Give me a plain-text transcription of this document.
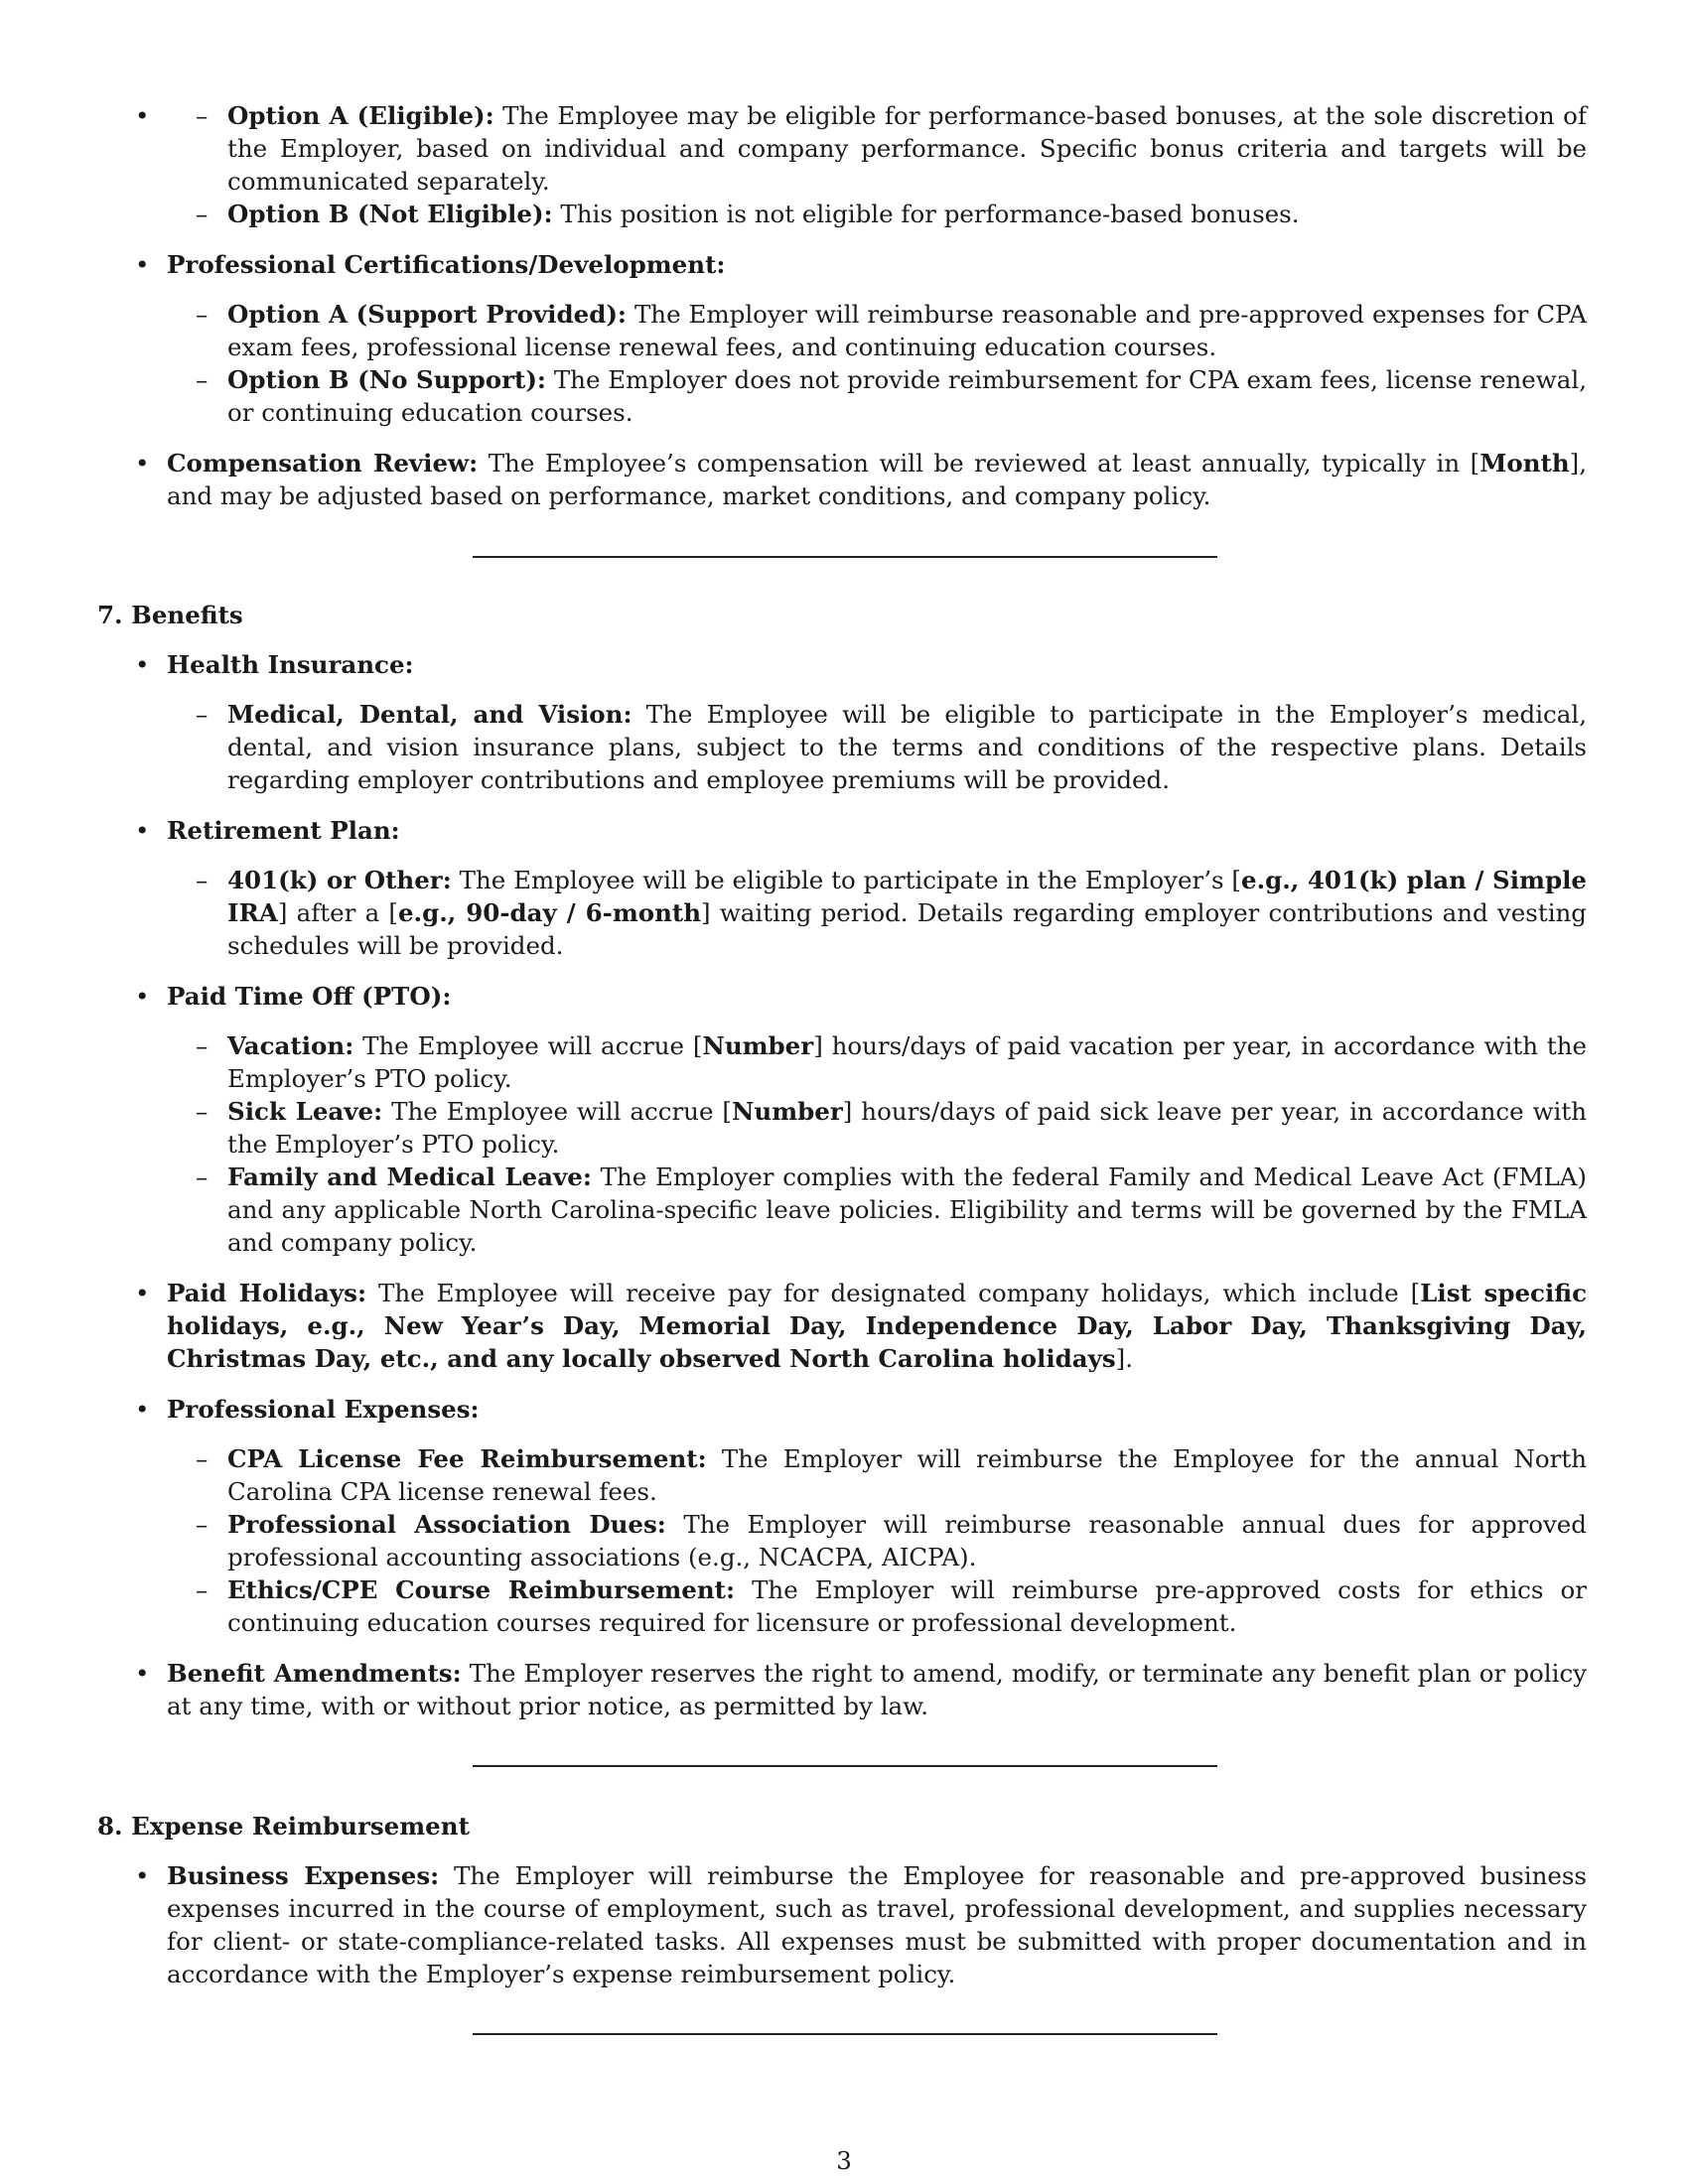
– • Option A (Eligible): The Employee may be eligible for performance-based bonuses, at the sole discretion of the Employer, based on individual and company performance. Specific bonus criteria and targets will be communicated separately.
– Option B (Not Eligible): This position is not eligible for performance-based bonuses.
• Professional Certifications/Development:
– Option A (Support Provided): The Employer will reimburse reasonable and pre-approved expenses for CPA exam fees, professional license renewal fees, and continuing education courses.
– Option B (No Support): The Employer does not provide reimbursement for CPA exam fees, license renewal, or continuing education courses.
• Compensation Review: The Employee’s compensation will be reviewed at least annually, typically in [Month], and may be adjusted based on performance, market conditions, and company policy.
7. Benefits
• Health Insurance:
– Medical, Dental, and Vision: The Employee will be eligible to participate in the Employer’s medical, dental, and vision insurance plans, subject to the terms and conditions of the respective plans. Details regarding employer contributions and employee premiums will be provided.
• Retirement Plan:
– 401(k) or Other: The Employee will be eligible to participate in the Employer’s [e.g., 401(k) plan / Simple IRA] after a [e.g., 90-day / 6-month] waiting period. Details regarding employer contributions and vesting schedules will be provided.
• Paid Time Off (PTO):
– Vacation: The Employee will accrue [Number] hours/days of paid vacation per year, in accordance with the Employer’s PTO policy.
– Sick Leave: The Employee will accrue [Number] hours/days of paid sick leave per year, in accordance with the Employer’s PTO policy.
– Family and Medical Leave: The Employer complies with the federal Family and Medical Leave Act (FMLA) and any applicable North Carolina-specific leave policies. Eligibility and terms will be governed by the FMLA and company policy.
• Paid Holidays: The Employee will receive pay for designated company holidays, which include [List specific holidays, e.g., New Year’s Day, Memorial Day, Independence Day, Labor Day, Thanksgiving Day, Christmas Day, etc., and any locally observed North Carolina holidays].
• Professional Expenses:
– CPA License Fee Reimbursement: The Employer will reimburse the Employee for the annual North Carolina CPA license renewal fees.
– Professional Association Dues: The Employer will reimburse reasonable annual dues for approved professional accounting associations (e.g., NCACPA, AICPA).
– Ethics/CPE Course Reimbursement: The Employer will reimburse pre-approved costs for ethics or continuing education courses required for licensure or professional development.
• Benefit Amendments: The Employer reserves the right to amend, modify, or terminate any benefit plan or policy at any time, with or without prior notice, as permitted by law.
8. Expense Reimbursement
• Business Expenses: The Employer will reimburse the Employee for reasonable and pre-approved business expenses incurred in the course of employment, such as travel, professional development, and supplies necessary for client- or state-compliance-related tasks. All expenses must be submitted with proper documentation and in accordance with the Employer’s expense reimbursement policy.
3
